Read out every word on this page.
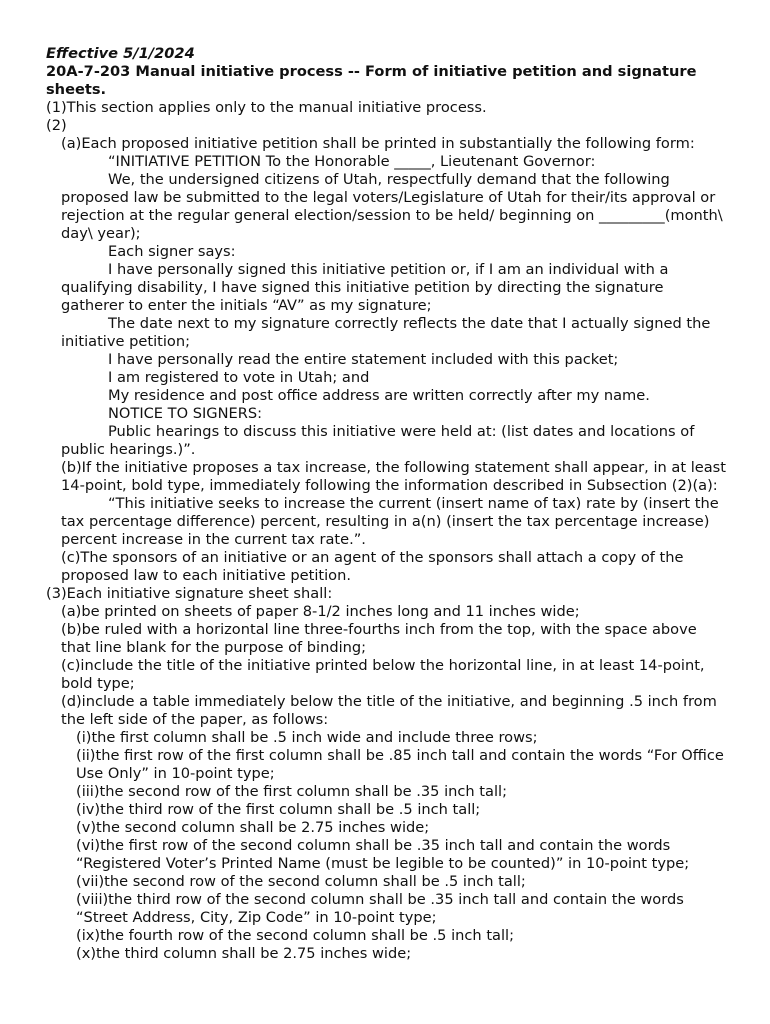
Effective 5/1/2024

20A-7-203 Manual initiative process -- Form of initiative petition and signature sheets.

(1)This section applies only to the manual initiative process.

(2)

(a)Each proposed initiative petition shall be printed in substantially the following form:

“INITIATIVE PETITION To the Honorable _____, Lieutenant Governor:

We, the undersigned citizens of Utah, respectfully demand that the following proposed law be submitted to the legal voters/Legislature of Utah for their/its approval or rejection at the regular general election/session to be held/ beginning on _________(month\ day\ year);

Each signer says:

I have personally signed this initiative petition or, if I am an individual with a qualifying disability, I have signed this initiative petition by directing the signature gatherer to enter the initials “AV” as my signature;

The date next to my signature correctly reflects the date that I actually signed the initiative petition;

I have personally read the entire statement included with this packet;

I am registered to vote in Utah; and

My residence and post office address are written correctly after my name.

NOTICE TO SIGNERS:

Public hearings to discuss this initiative were held at: (list dates and locations of public hearings.)”.

(b)If the initiative proposes a tax increase, the following statement shall appear, in at least 14-point, bold type, immediately following the information described in Subsection (2)(a):

“This initiative seeks to increase the current (insert name of tax) rate by (insert the tax percentage difference) percent, resulting in a(n) (insert the tax percentage increase) percent increase in the current tax rate.”.

(c)The sponsors of an initiative or an agent of the sponsors shall attach a copy of the proposed law to each initiative petition.

(3)Each initiative signature sheet shall:

(a)be printed on sheets of paper 8-1/2 inches long and 11 inches wide;

(b)be ruled with a horizontal line three-fourths inch from the top, with the space above that line blank for the purpose of binding;

(c)include the title of the initiative printed below the horizontal line, in at least 14-point, bold type;

(d)include a table immediately below the title of the initiative, and beginning .5 inch from the left side of the paper, as follows:

(i)the first column shall be .5 inch wide and include three rows;

(ii)the first row of the first column shall be .85 inch tall and contain the words “For Office Use Only” in 10-point type;

(iii)the second row of the first column shall be .35 inch tall;

(iv)the third row of the first column shall be .5 inch tall;

(v)the second column shall be 2.75 inches wide;

(vi)the first row of the second column shall be .35 inch tall and contain the words “Registered Voter’s Printed Name (must be legible to be counted)” in 10-point type;

(vii)the second row of the second column shall be .5 inch tall;

(viii)the third row of the second column shall be .35 inch tall and contain the words “Street Address, City, Zip Code” in 10-point type;

(ix)the fourth row of the second column shall be .5 inch tall;

(x)the third column shall be 2.75 inches wide;
